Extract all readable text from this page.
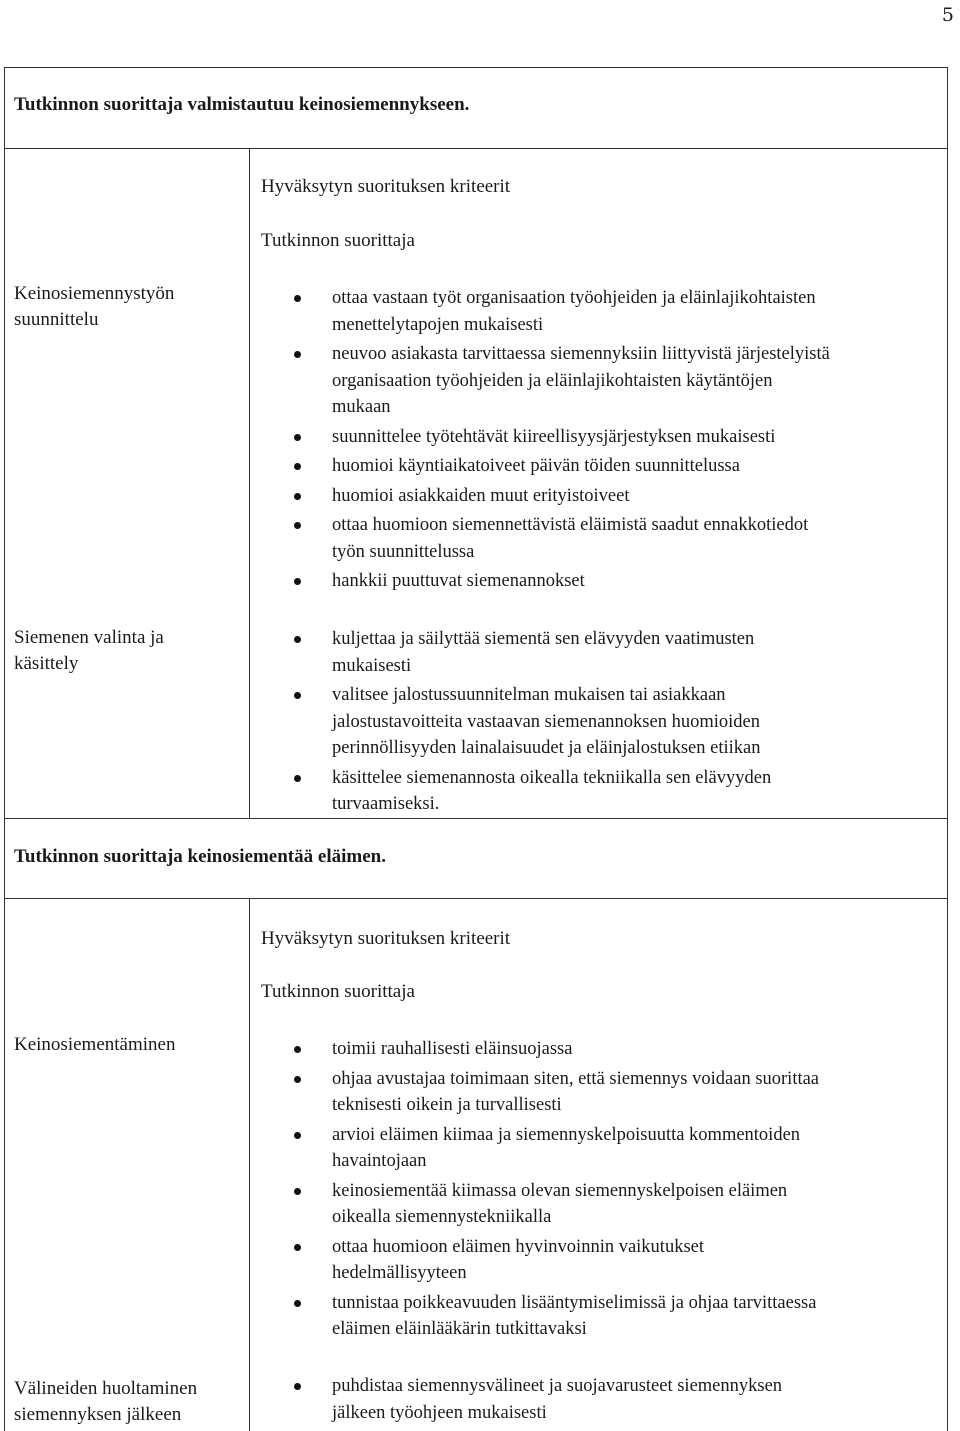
5
Tutkinnon suorittaja valmistautuu keinosiemennykseen.
Hyväksytyn suorituksen kriteerit
Tutkinnon suorittaja
Keinosiemennystyön
suunnittelu
ottaa vastaan työt organisaation työohjeiden ja eläinlajikohtaisten
menettelytapojen mukaisesti
neuvoo asiakasta tarvittaessa siemennyksiin liittyvistä järjestelyistä
organisaation työohjeiden ja eläinlajikohtaisten käytäntöjen
mukaan
suunnittelee työtehtävät kiireellisyysjärjestyksen mukaisesti
huomioi käyntiaikatoiveet päivän töiden suunnittelussa
huomioi asiakkaiden muut erityistoiveet
ottaa huomioon siemennettävistä eläimistä saadut ennakkotiedot
työn suunnittelussa
hankkii puuttuvat siemenannokset
Siemenen valinta ja
käsittely
kuljettaa ja säilyttää siementä sen elävyyden vaatimusten
mukaisesti
valitsee jalostussuunnitelman mukaisen tai asiakkaan
jalostustavoitteita vastaavan siemenannoksen huomioiden
perinnöllisyyden lainalaisuudet ja eläinjalostuksen etiikan
käsittelee siemenannosta oikealla tekniikalla sen elävyyden
turvaamiseksi.
Tutkinnon suorittaja keinosiementää eläimen.
Hyväksytyn suorituksen kriteerit
Tutkinnon suorittaja
Keinosiementäminen	toimii rauhallisesti eläinsuojassa
ohjaa avustajaa toimimaan siten, että siemennys voidaan suorittaa
teknisesti oikein ja turvallisesti
arvioi eläimen kiimaa ja siemennyskelpoisuutta kommentoiden
havaintojaan
keinosiementää kiimassa olevan siemennyskelpoisen eläimen
oikealla siemennystekniikalla
ottaa huomioon eläimen hyvinvoinnin vaikutukset
hedelmällisyyteen
tunnistaa poikkeavuuden lisääntymiselimissä ja ohjaa tarvittaessa
eläimen eläinlääkärin tutkittavaksi
Välineiden huoltaminen
siemennyksen jälkeen
puhdistaa siemennysvälineet ja suojavarusteet siemennyksen
jälkeen työohjeen mukaisesti
